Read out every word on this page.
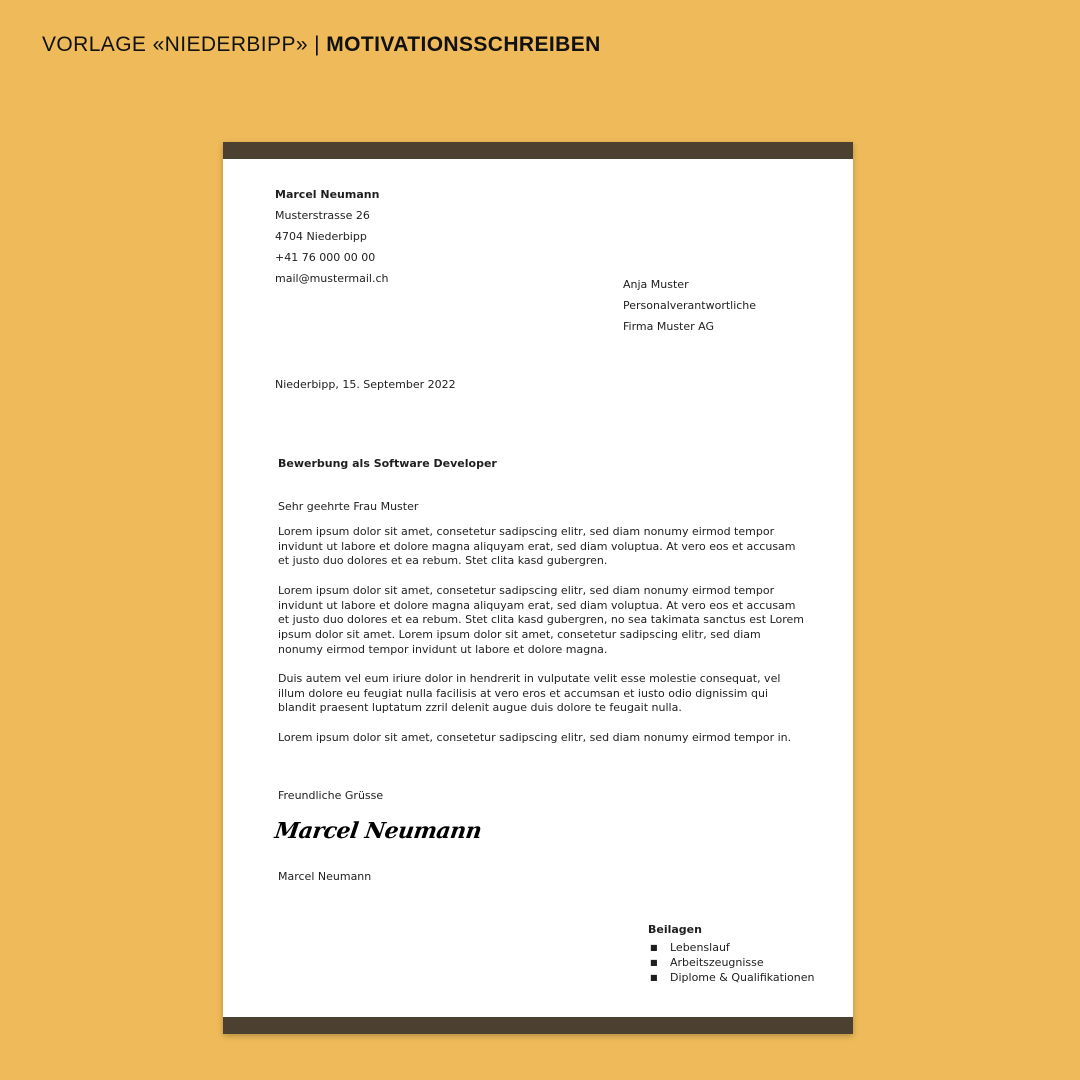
VORLAGE «NIEDERBIPP» | MOTIVATIONSSCHREIBEN
Marcel Neumann
Musterstrasse 26
4704 Niederbipp
+41 76 000 00 00
mail@mustermail.ch	Anja Muster
Personalverantwortliche
Firma Muster AG
Niederbipp, 15. September 2022
Bewerbung als Software Developer
Sehr geehrte Frau Muster

Lorem ipsum dolor sit amet, consetetur sadipscing elitr, sed diam nonumy eirmod tempor invidunt ut labore et dolore magna aliquyam erat, sed diam voluptua. At vero eos et accusam et justo duo dolores et ea rebum. Stet clita kasd gubergren.

Lorem ipsum dolor sit amet, consetetur sadipscing elitr, sed diam nonumy eirmod tempor invidunt ut labore et dolore magna aliquyam erat, sed diam voluptua. At vero eos et accusam et justo duo dolores et ea rebum. Stet clita kasd gubergren, no sea takimata sanctus est Lorem ipsum dolor sit amet. Lorem ipsum dolor sit amet, consetetur sadipscing elitr, sed diam nonumy eirmod tempor invidunt ut labore et dolore magna.

Duis autem vel eum iriure dolor in hendrerit in vulputate velit esse molestie consequat, vel illum dolore eu feugiat nulla facilisis at vero eros et accumsan et iusto odio dignissim qui blandit praesent luptatum zzril delenit augue duis dolore te feugait nulla.

Lorem ipsum dolor sit amet, consetetur sadipscing elitr, sed diam nonumy eirmod tempor in.

Freundliche Grüsse
Marcel Neumann
Marcel Neumann
Beilagen
■ Lebenslauf
■ Arbeitszeugnisse
■ Diplome & Qualifikationen
